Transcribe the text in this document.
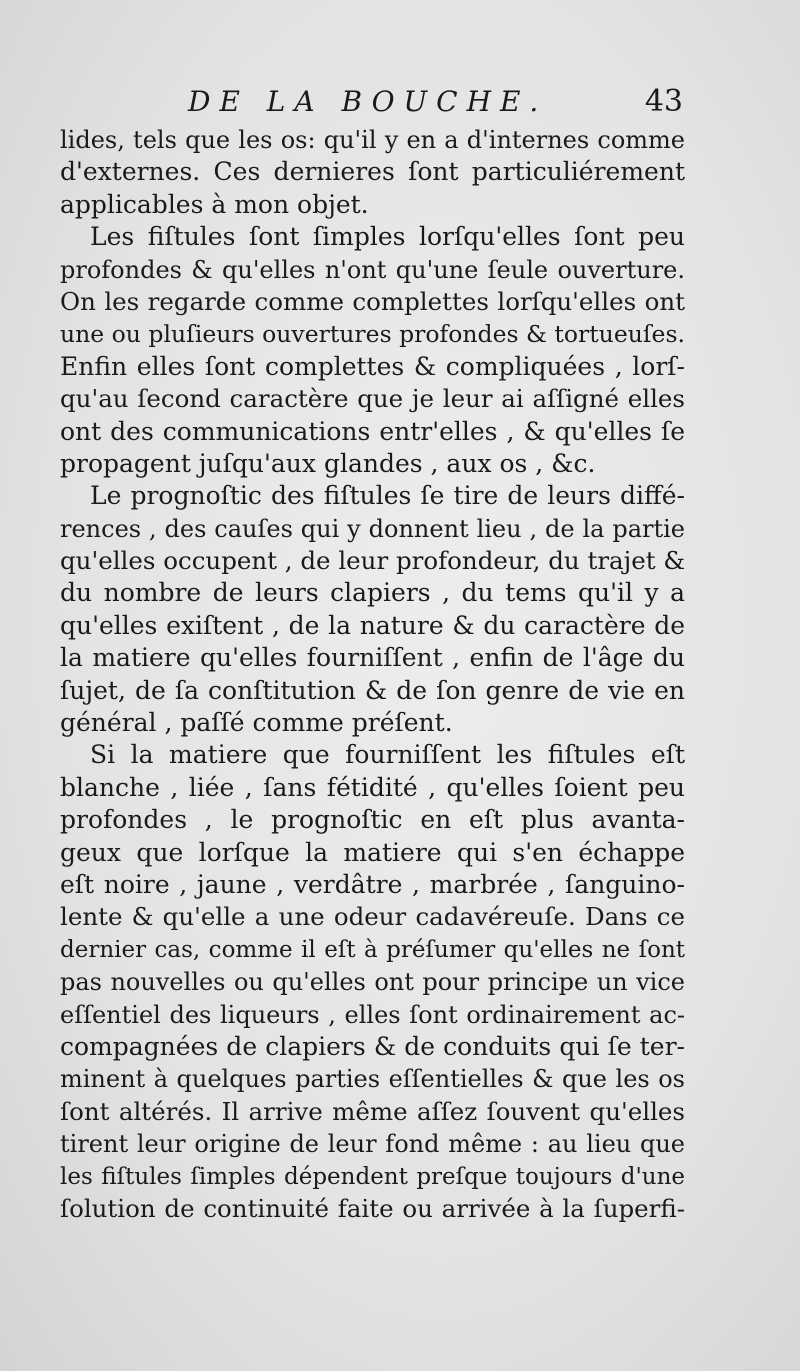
DE LA BOUCHE.	43
lides, tels que les os: qu'il y en a d'internes comme
d'externes. Ces dernieres ſont particuliérement
applicables à mon objet.
Les fiſtules ſont ſimples lorſqu'elles ſont peu
profondes & qu'elles n'ont qu'une ſeule ouverture.
On les regarde comme complettes lorſqu'elles ont
une ou pluſieurs ouvertures profondes & tortueuſes.
Enfin elles ſont complettes & compliquées , lorſ-
qu'au ſecond caractère que je leur ai aſſigné elles
ont des communications entr'elles , & qu'elles ſe
propagent juſqu'aux glandes , aux os , &c.
Le prognoſtic des fiſtules ſe tire de leurs diffé-
rences , des cauſes qui y donnent lieu , de la partie
qu'elles occupent , de leur profondeur, du trajet &
du nombre de leurs clapiers , du tems qu'il y a
qu'elles exiſtent , de la nature & du caractère de
la matiere qu'elles fourniſſent , enfin de l'âge du
ſujet, de ſa conſtitution & de ſon genre de vie en
général , paſſé comme préſent.
Si la matiere que fourniſſent les fiſtules eſt
blanche , liée , ſans fétidité , qu'elles ſoient peu
profondes , le prognoſtic en eſt plus avanta-
geux que lorſque la matiere qui s'en échappe
eſt noire , jaune , verdâtre , marbrée , ſanguino-
lente & qu'elle a une odeur cadavéreuſe. Dans ce
dernier cas, comme il eſt à préſumer qu'elles ne ſont
pas nouvelles ou qu'elles ont pour principe un vice
eſſentiel des liqueurs , elles ſont ordinairement ac-
compagnées de clapiers & de conduits qui ſe ter-
minent à quelques parties eſſentielles & que les os
ſont altérés. Il arrive même aſſez ſouvent qu'elles
tirent leur origine de leur fond même : au lieu que
les fiſtules ſimples dépendent preſque toujours d'une
ſolution de continuité faite ou arrivée à la ſuperfi-
